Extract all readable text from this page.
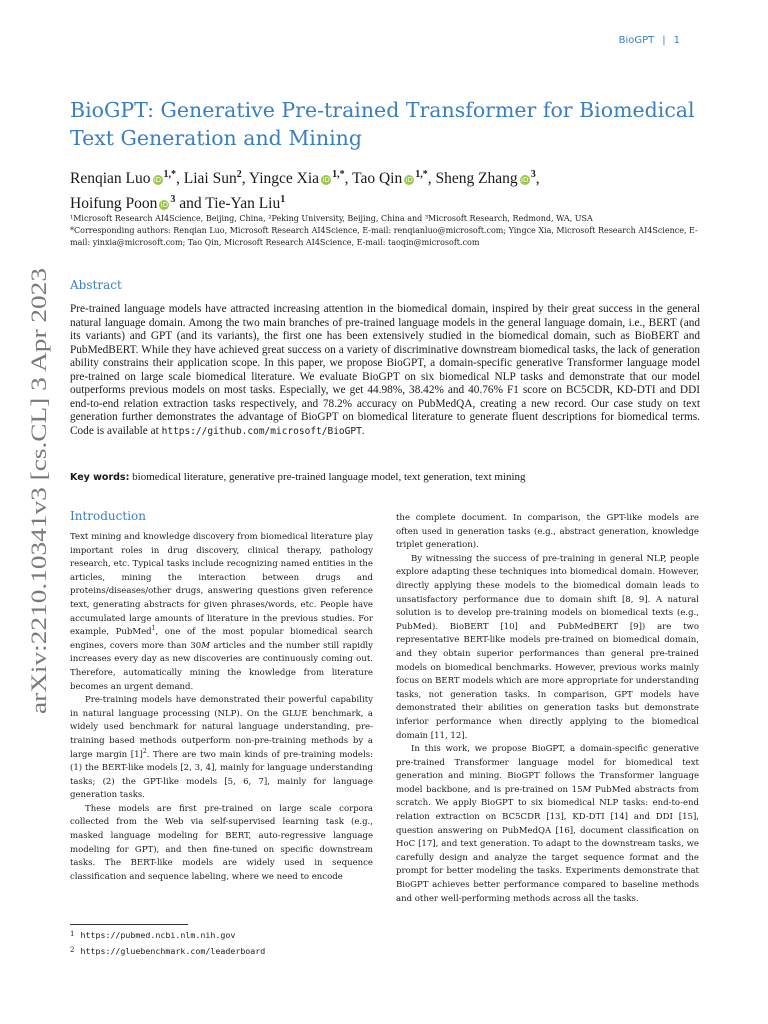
BioGPT | 1
arXiv:2210.10341v3 [cs.CL] 3 Apr 2023
BioGPT: Generative Pre-trained Transformer for Biomedical Text Generation and Mining
Renqian Luo $iD^{1,*}$, Liai Sun$^2$, Yingce Xia $iD^{1,*}$, Tao Qin $iD^{1,*}$, Sheng Zhang $iD^3$,
Hoifung Poon $iD^3$ and Tie-Yan Liu$^1$

¹Microsoft Research AI4Science, Beijing, China, ²Peking University, Beijing, China and ³Microsoft Research, Redmond, WA, USA

*Corresponding authors: Renqian Luo, Microsoft Research AI4Science, E-mail: renqianluo@microsoft.com; Yingce Xia, Microsoft Research AI4Science, E-mail: yinxia@microsoft.com; Tao Qin, Microsoft Research AI4Science, E-mail: taoqin@microsoft.com

Abstract

Pre-trained language models have attracted increasing attention in the biomedical domain, inspired by their great success in the general natural language domain. Among the two main branches of pre-trained language models in the general language domain, i.e., BERT (and its variants) and GPT (and its variants), the first one has been extensively studied in the biomedical domain, such as BioBERT and PubMedBERT. While they have achieved great success on a variety of discriminative downstream biomedical tasks, the lack of generation ability constrains their application scope. In this paper, we propose BioGPT, a domain-specific generative Transformer language model pre-trained on large scale biomedical literature. We evaluate BioGPT on six biomedical NLP tasks and demonstrate that our model outperforms previous models on most tasks. Especially, we get 44.98%, 38.42% and 40.76% F1 score on BC5CDR, KD-DTI and DDI end-to-end relation extraction tasks respectively, and 78.2% accuracy on PubMedQA, creating a new record. Our case study on text generation further demonstrates the advantage of BioGPT on biomedical literature to generate fluent descriptions for biomedical terms. Code is available at https://github.com/microsoft/BioGPT.

Key words: biomedical literature, generative pre-trained language model, text generation, text mining

Introduction

Text mining and knowledge discovery from biomedical literature play important roles in drug discovery, clinical therapy, pathology research, etc. Typical tasks include recognizing named entities in the articles, mining the interaction between drugs and proteins/diseases/other drugs, answering questions given reference text, generating abstracts for given phrases/words, etc. People have accumulated large amounts of literature in the previous studies. For example, PubMed$^1$, one of the most popular biomedical search engines, covers more than 30M articles and the number still rapidly increases every day as new discoveries are continuously coming out. Therefore, automatically mining the knowledge from literature becomes an urgent demand.

Pre-training models have demonstrated their powerful capability in natural language processing (NLP). On the GLUE benchmark, a widely used benchmark for natural language understanding, pre-training based methods outperform non-pre-training methods by a large margin $[1]^2$. There are two main kinds of pre-training models: (1) the BERT-like models [2, 3, 4], mainly for language understanding tasks; (2) the GPT-like models [5, 6, 7], mainly for language generation tasks.

These models are first pre-trained on large scale corpora collected from the Web via self-supervised learning task (e.g., masked language modeling for BERT, auto-regressive language modeling for GPT), and then fine-tuned on specific downstream tasks. The BERT-like models are widely used in sequence classification and sequence labeling, where we need to encode

the complete document. In comparison, the GPT-like models are often used in generation tasks (e.g., abstract generation, knowledge triplet generation).

By witnessing the success of pre-training in general NLP, people explore adapting these techniques into biomedical domain. However, directly applying these models to the biomedical domain leads to unsatisfactory performance due to domain shift [8, 9]. A natural solution is to develop pre-training models on biomedical texts (e.g., PubMed). BioBERT [10] and PubMedBERT [9]) are two representative BERT-like models pre-trained on biomedical domain, and they obtain superior performances than general pre-trained models on biomedical benchmarks. However, previous works mainly focus on BERT models which are more appropriate for understanding tasks, not generation tasks. In comparison, GPT models have demonstrated their abilities on generation tasks but demonstrate inferior performance when directly applying to the biomedical domain [11, 12].

In this work, we propose BioGPT, a domain-specific generative pre-trained Transformer language model for biomedical text generation and mining. BioGPT follows the Transformer language model backbone, and is pre-trained on 15M PubMed abstracts from scratch. We apply BioGPT to six biomedical NLP tasks: end-to-end relation extraction on BC5CDR [13], KD-DTI [14] and DDI [15], question answering on PubMedQA [16], document classification on HoC [17], and text generation. To adapt to the downstream tasks, we carefully design and analyze the target sequence format and the prompt for better modeling the tasks. Experiments demonstrate that BioGPT achieves better performance compared to baseline methods and other well-performing methods across all the tasks.

$^1$ https://pubmed.ncbi.nlm.nih.gov
$^2$ https://gluebenchmark.com/leaderboard
